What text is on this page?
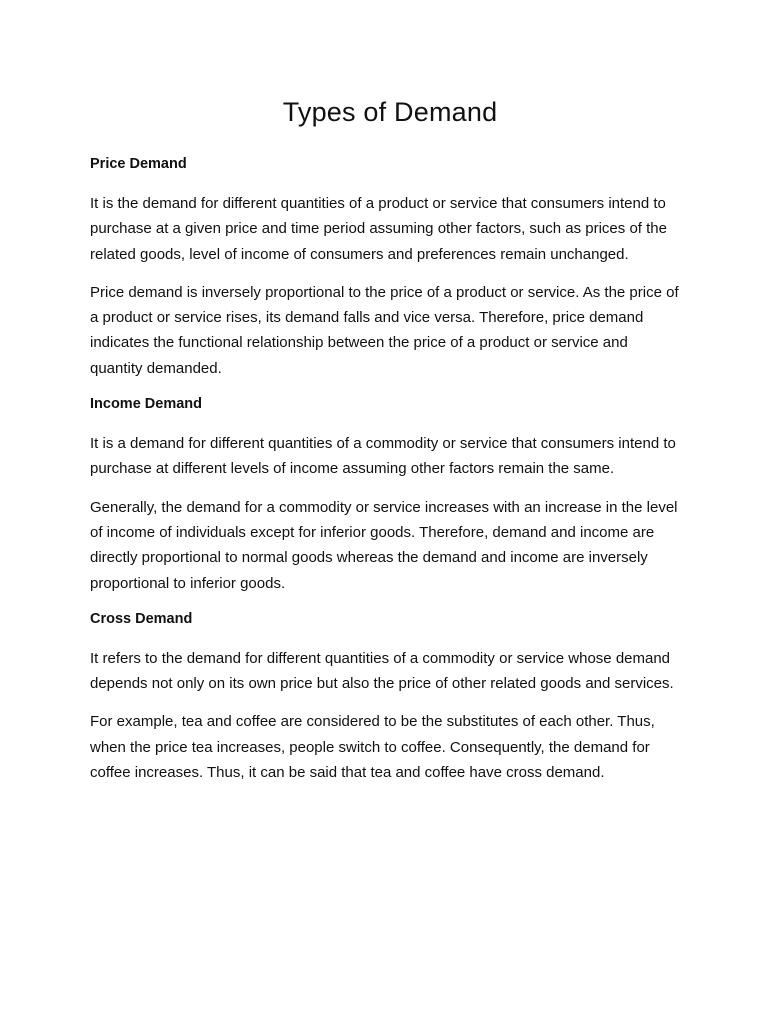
Types of Demand
Price Demand

It is the demand for different quantities of a product or service that consumers intend to purchase at a given price and time period assuming other factors, such as prices of the related goods, level of income of consumers and preferences remain unchanged.

Price demand is inversely proportional to the price of a product or service. As the price of a product or service rises, its demand falls and vice versa. Therefore, price demand indicates the functional relationship between the price of a product or service and quantity demanded.

Income Demand

It is a demand for different quantities of a commodity or service that consumers intend to purchase at different levels of income assuming other factors remain the same.

Generally, the demand for a commodity or service increases with an increase in the level of income of individuals except for inferior goods. Therefore, demand and income are directly proportional to normal goods whereas the demand and income are inversely proportional to inferior goods.

Cross Demand

It refers to the demand for different quantities of a commodity or service whose demand depends not only on its own price but also the price of other related goods and services.

For example, tea and coffee are considered to be the substitutes of each other. Thus, when the price tea increases, people switch to coffee. Consequently, the demand for coffee increases. Thus, it can be said that tea and coffee have cross demand.
